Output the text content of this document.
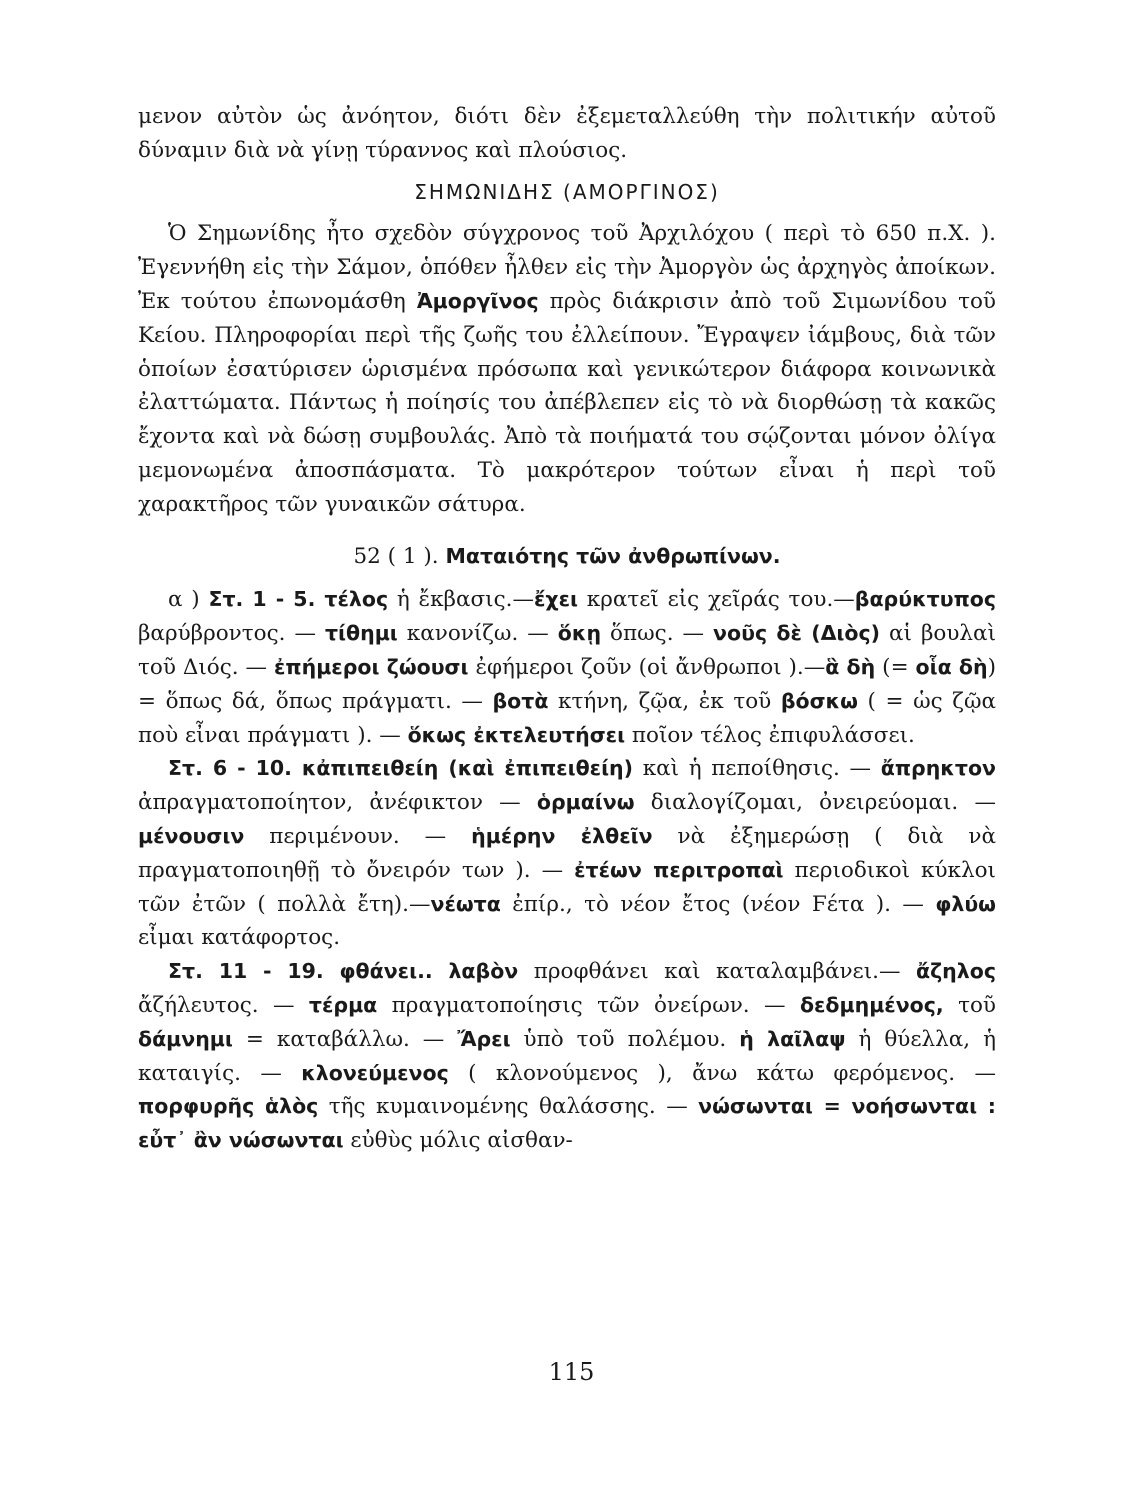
μενον αὐτὸν ὡς ἀνόητον, διότι δὲν ἐξεμεταλλεύθη τὴν πολιτικήν αὐτοῦ δύναμιν διὰ νὰ γίνῃ τύραννος καὶ πλούσιος.

ΣΗΜΩΝΙΔΗΣ (ΑΜΟΡΓΙΝΟΣ)

Ὁ Σημωνίδης ἦτο σχεδὸν σύγχρονος τοῦ Ἀρχιλόχου ( περὶ τὸ 650 π.Χ. ). Ἐγεννήθη εἰς τὴν Σάμον, ὁπόθεν ἦλθεν εἰς τὴν Ἀμοργὸν ὡς ἀρχηγὸς ἀποίκων. Ἐκ τούτου ἐπωνομάσθη Ἀμοργῖνος πρὸς διάκρισιν ἀπὸ τοῦ Σιμωνίδου τοῦ Κείου. Πληροφορίαι περὶ τῆς ζωῆς του ἐλλείπουν. Ἔγραψεν ἰάμβους, διὰ τῶν ὁποίων ἐσατύρισεν ὡρισμένα πρόσωπα καὶ γενικώτερον διάφορα κοινωνικὰ ἐλαττώματα. Πάντως ἡ ποίησίς του ἀπέβλεπεν εἰς τὸ νὰ διορθώσῃ τὰ κακῶς ἔχοντα καὶ νὰ δώσῃ συμβουλάς. Ἀπὸ τὰ ποιήματά του σῴζονται μόνον ὀλίγα μεμονωμένα ἀποσπάσματα. Τὸ μακρότερον τούτων εἶναι ἡ περὶ τοῦ χαρακτῆρος τῶν γυναικῶν σάτυρα.

52 ( 1 ). Ματαιότης τῶν ἀνθρωπίνων.

α ) Στ. 1 - 5. τέλος ἡ ἔκβασις.—ἔχει κρατεῖ εἰς χεῖράς του.—βαρύκτυπος βαρύβροντος. — τίθημι κανονίζω. — ὅκῃ ὅπως. — νοῦς δὲ (Διὸς) αἱ βουλαὶ τοῦ Διός. — ἐπήμεροι ζώουσι ἐφήμεροι ζοῦν (οἱ ἄνθρωποι ).—ἃ δὴ (= οἷα δὴ) = ὅπως δά, ὅπως πράγματι. — βοτὰ κτήνη, ζῷα, ἐκ τοῦ βόσκω ( = ὡς ζῷα ποὺ εἶναι πράγματι ). — ὅκως ἐκτελευτήσει ποῖον τέλος ἐπιφυλάσσει.

Στ. 6 - 10. κἀπιπειθείη (καὶ ἐπιπειθείη) καὶ ἡ πεποίθησις. — ἄπρηκτον ἀπραγματοποίητον, ἀνέφικτον — ὁρμαίνω διαλογίζομαι, ὀνειρεύομαι. — μένουσιν περιμένουν. — ἡμέρην ἐλθεῖν νὰ ἐξημερώσῃ ( διὰ νὰ πραγματοποιηθῇ τὸ ὄνειρόν των ). — ἐτέων περιτροπαὶ περιοδικοὶ κύκλοι τῶν ἐτῶν ( πολλὰ ἔτη).—νέωτα ἐπίρ., τὸ νέον ἔτος (νέον Ϝέτα ). — φλύω εἶμαι κατάφορτος.

Στ. 11 - 19. φθάνει.. λαβὸν προφθάνει καὶ καταλαμβάνει.— ἄζηλος ἄζήλευτος. — τέρμα πραγματοποίησις τῶν ὀνείρων. — δεδμημένος, τοῦ δάμνημι = καταβάλλω. — Ἄρει ὑπὸ τοῦ πολέμου. ἡ λαῖλαψ ἡ θύελλα, ἡ καταιγίς. — κλονεύμενος ( κλονούμενος ), ἄνω κάτω φερόμενος. — πορφυρῆς ἁλὸς τῆς κυμαινομένης θαλάσσης. — νώσωνται = νοήσωνται : εὖτ᾿ ἂν νώσωνται εὐθὺς μόλις αἰσθαν-

115
